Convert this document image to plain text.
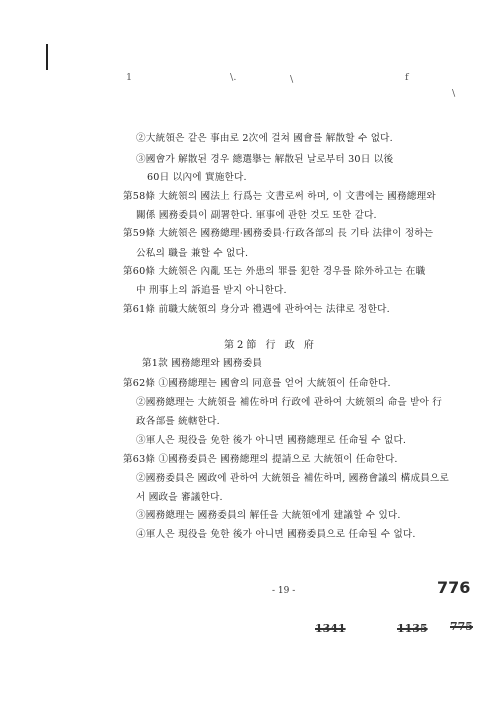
1	\.	\	f
\
②大統領은 같은 事由로 2次에 걸쳐 國會를 解散할 수 없다.
③國會가 解散된 경우 總選擧는 解散된 날로부터 30日 以後
60日 以內에 實施한다.
第58條 大統領의 國法上 行爲는 文書로써 하며, 이 文書에는 國務總理와
關係 國務委員이 副署한다. 軍事에 관한 것도 또한 같다.
第59條 大統領은 國務總理·國務委員·行政各部의 長 기타 法律이 정하는
公私의 職을 兼할 수 없다.
第60條 大統領은 內亂 또는 外患의 罪를 犯한 경우를 除外하고는 在職
中 刑事上의 訴追를 받지 아니한다.
第61條 前職大統領의 身分과 禮遇에 관하여는 法律로 정한다.
第2節 行 政 府
第1款 國務總理와 國務委員
第62條 ①國務總理는 國會의 同意를 얻어 大統領이 任命한다.
②國務總理는 大統領을 補佐하며 行政에 관하여 大統領의 命을 받아 行
政各部를 統轄한다.
③軍人은 現役을 免한 後가 아니면 國務總理로 任命될 수 없다.
第63條 ①國務委員은 國務總理의 提請으로 大統領이 任命한다.
②國務委員은 國政에 관하여 大統領을 補佐하며, 國務會議의 構成員으로
서 國政을 審議한다.
③國務總理는 國務委員의 解任을 大統領에게 建議할 수 있다.
④軍人은 現役을 免한 後가 아니면 國務委員으로 任命될 수 없다.
- 19 -	776
1341	1135 775
